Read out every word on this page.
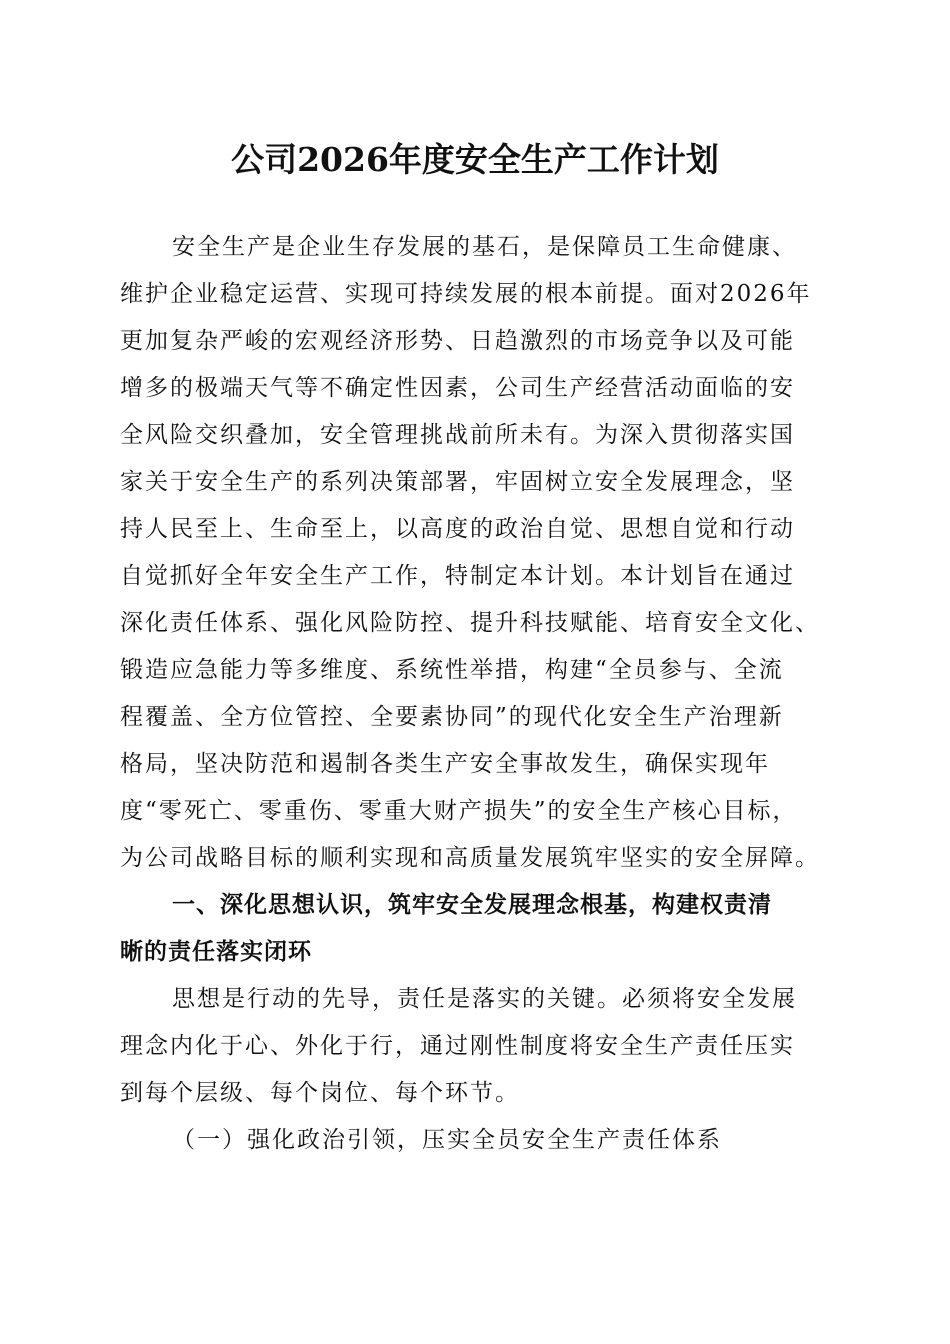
公司2026年度安全生产工作计划
安全生产是企业生存发展的基石，是保障员工生命健康、
维护企业稳定运营、实现可持续发展的根本前提。面对2026年
更加复杂严峻的宏观经济形势、日趋激烈的市场竞争以及可能
增多的极端天气等不确定性因素，公司生产经营活动面临的安
全风险交织叠加，安全管理挑战前所未有。为深入贯彻落实国
家关于安全生产的系列决策部署，牢固树立安全发展理念，坚
持人民至上、生命至上，以高度的政治自觉、思想自觉和行动
自觉抓好全年安全生产工作，特制定本计划。本计划旨在通过
深化责任体系、强化风险防控、提升科技赋能、培育安全文化、
锻造应急能力等多维度、系统性举措，构建“全员参与、全流
程覆盖、全方位管控、全要素协同”的现代化安全生产治理新
格局，坚决防范和遏制各类生产安全事故发生，确保实现年
度“零死亡、零重伤、零重大财产损失”的安全生产核心目标，
为公司战略目标的顺利实现和高质量发展筑牢坚实的安全屏障。
一、深化思想认识，筑牢安全发展理念根基，构建权责清
晰的责任落实闭环
思想是行动的先导，责任是落实的关键。必须将安全发展
理念内化于心、外化于行，通过刚性制度将安全生产责任压实
到每个层级、每个岗位、每个环节。
（一）强化政治引领，压实全员安全生产责任体系
